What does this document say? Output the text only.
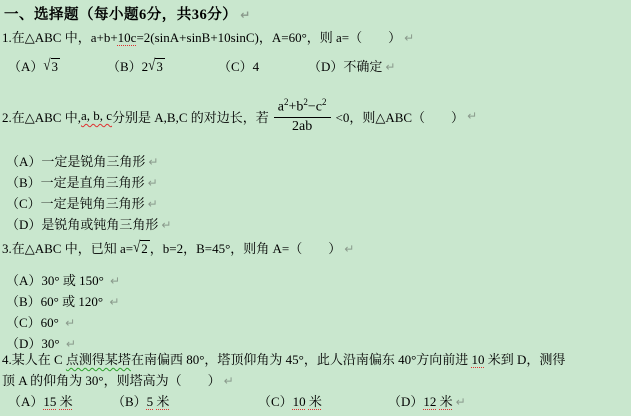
一、选择题（每小题6分，共36分） ↵
1.在△ABC 中，a+b+10c=2(sinA+sinB+10sinC)，A=60°，则 a=（　　） ↵
（A）√3	（B）2√3	（C）4	（D）不确定 ↵
2.在△ABC 中, a, b, c 分别是 A,B,C 的对边长，若 $\frac{a^2+b^2-c^2}{2ab} <0$，则△ABC（　　） ↵
（A）一定是锐角三角形 ↵
（B）一定是直角三角形 ↵
（C）一定是钝角三角形 ↵
（D）是锐角或钝角三角形 ↵
3.在△ABC 中，已知 a=√2 ，b=2，B=45°，则角 A=（　　） ↵
（A）30° 或 150° ↵
（B）60° 或 120° ↵
（C）60° ↵
（D）30° ↵
4.某人在 C 点测得某塔在南偏西 80°，塔顶仰角为 45°，此人沿南偏东 40°方向前进 10 米到 D，测得
顶 A 的仰角为 30°，则塔高为（　　） ↵
（A）15 米	（B）5 米	（C）10 米	（D）12 米 ↵
